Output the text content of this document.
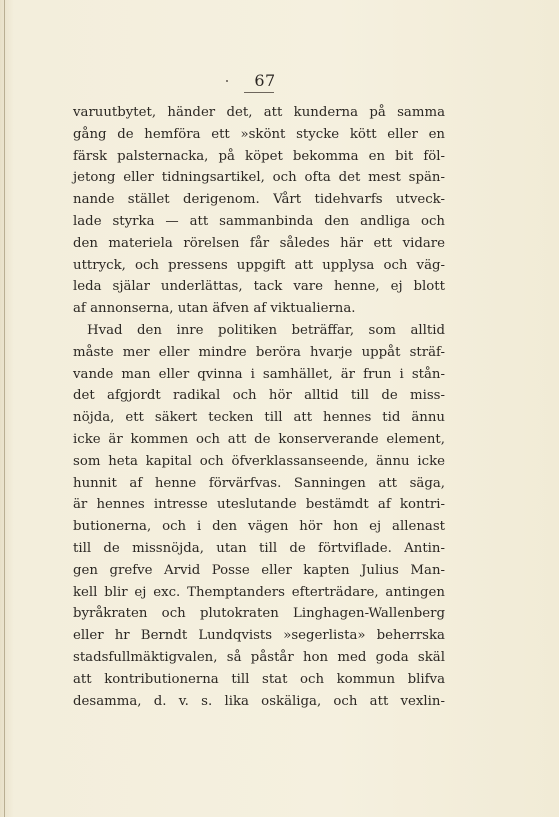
67
varuutbytet, händer det, att kunderna på samma
gång de hemföra ett »skönt stycke kött eller en
färsk palsternacka, på köpet bekomma en bit föl-
jetong eller tidningsartikel, och ofta det mest spän-
nande stället derigenom. Vårt tidehvarfs utveck-
lade styrka — att sammanbinda den andliga och
den materiela rörelsen får således här ett vidare
uttryck, och pressens uppgift att upplysa och väg-
leda själar underlättas, tack vare henne, ej blott
af annonserna, utan äfven af viktualierna.
Hvad den inre politiken beträffar, som alltid
måste mer eller mindre beröra hvarje uppåt sträf-
vande man eller qvinna i samhället, är frun i stån-
det afgjordt radikal och hör alltid till de miss-
nöjda, ett säkert tecken till att hennes tid ännu
icke är kommen och att de konserverande element,
som heta kapital och öfverklassanseende, ännu icke
hunnit af henne förvärfvas. Sanningen att säga,
är hennes intresse uteslutande bestämdt af kontri-
butionerna, och i den vägen hör hon ej allenast
till de missnöjda, utan till de förtviflade. Antin-
gen grefve Arvid Posse eller kapten Julius Man-
kell blir ej exc. Themptanders efterträdare, antingen
byråkraten och plutokraten Linghagen-Wallenberg
eller hr Berndt Lundqvists »segerlista» beherrska
stadsfullmäktigvalen, så påstår hon med goda skäl
att kontributionerna till stat och kommun blifva
desamma, d. v. s. lika oskäliga, och att vexlin-
